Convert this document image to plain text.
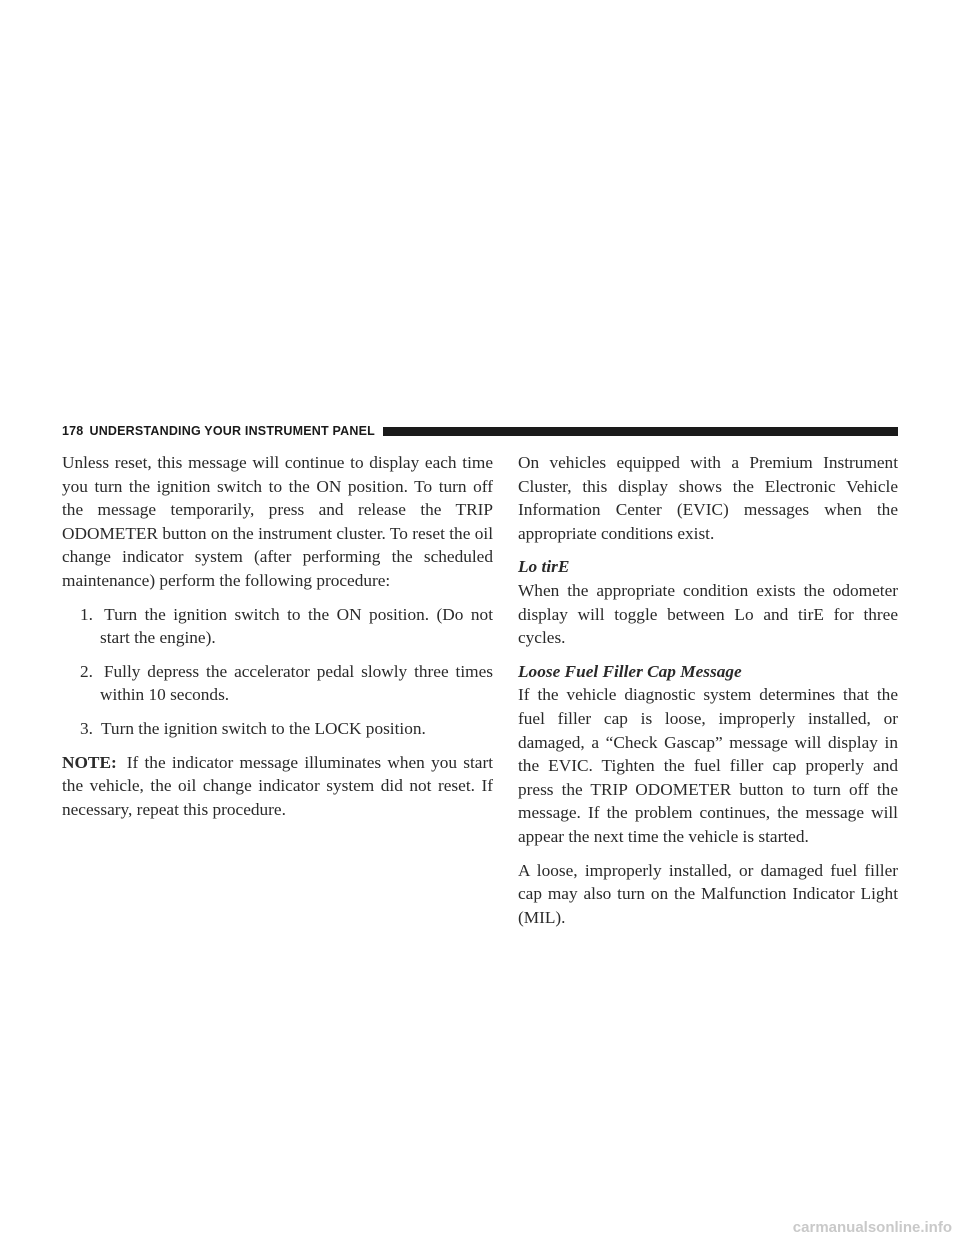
178 UNDERSTANDING YOUR INSTRUMENT PANEL

Unless reset, this message will continue to display each time you turn the ignition switch to the ON position. To turn off the message temporarily, press and release the TRIP ODOMETER button on the instrument cluster. To reset the oil change indicator system (after performing the scheduled maintenance) perform the following procedure:

1. Turn the ignition switch to the ON position. (Do not start the engine).
2. Fully depress the accelerator pedal slowly three times within 10 seconds.
3. Turn the ignition switch to the LOCK position.

NOTE: If the indicator message illuminates when you start the vehicle, the oil change indicator system did not reset. If necessary, repeat this procedure.

On vehicles equipped with a Premium Instrument Cluster, this display shows the Electronic Vehicle Information Center (EVIC) messages when the appropriate conditions exist.

Lo tirE

When the appropriate condition exists the odometer display will toggle between Lo and tirE for three cycles.

Loose Fuel Filler Cap Message

If the vehicle diagnostic system determines that the fuel filler cap is loose, improperly installed, or damaged, a “Check Gascap” message will display in the EVIC. Tighten the fuel filler cap properly and press the TRIP ODOMETER button to turn off the message. If the problem continues, the message will appear the next time the vehicle is started.

A loose, improperly installed, or damaged fuel filler cap may also turn on the Malfunction Indicator Light (MIL).

carmanualsonline.info
